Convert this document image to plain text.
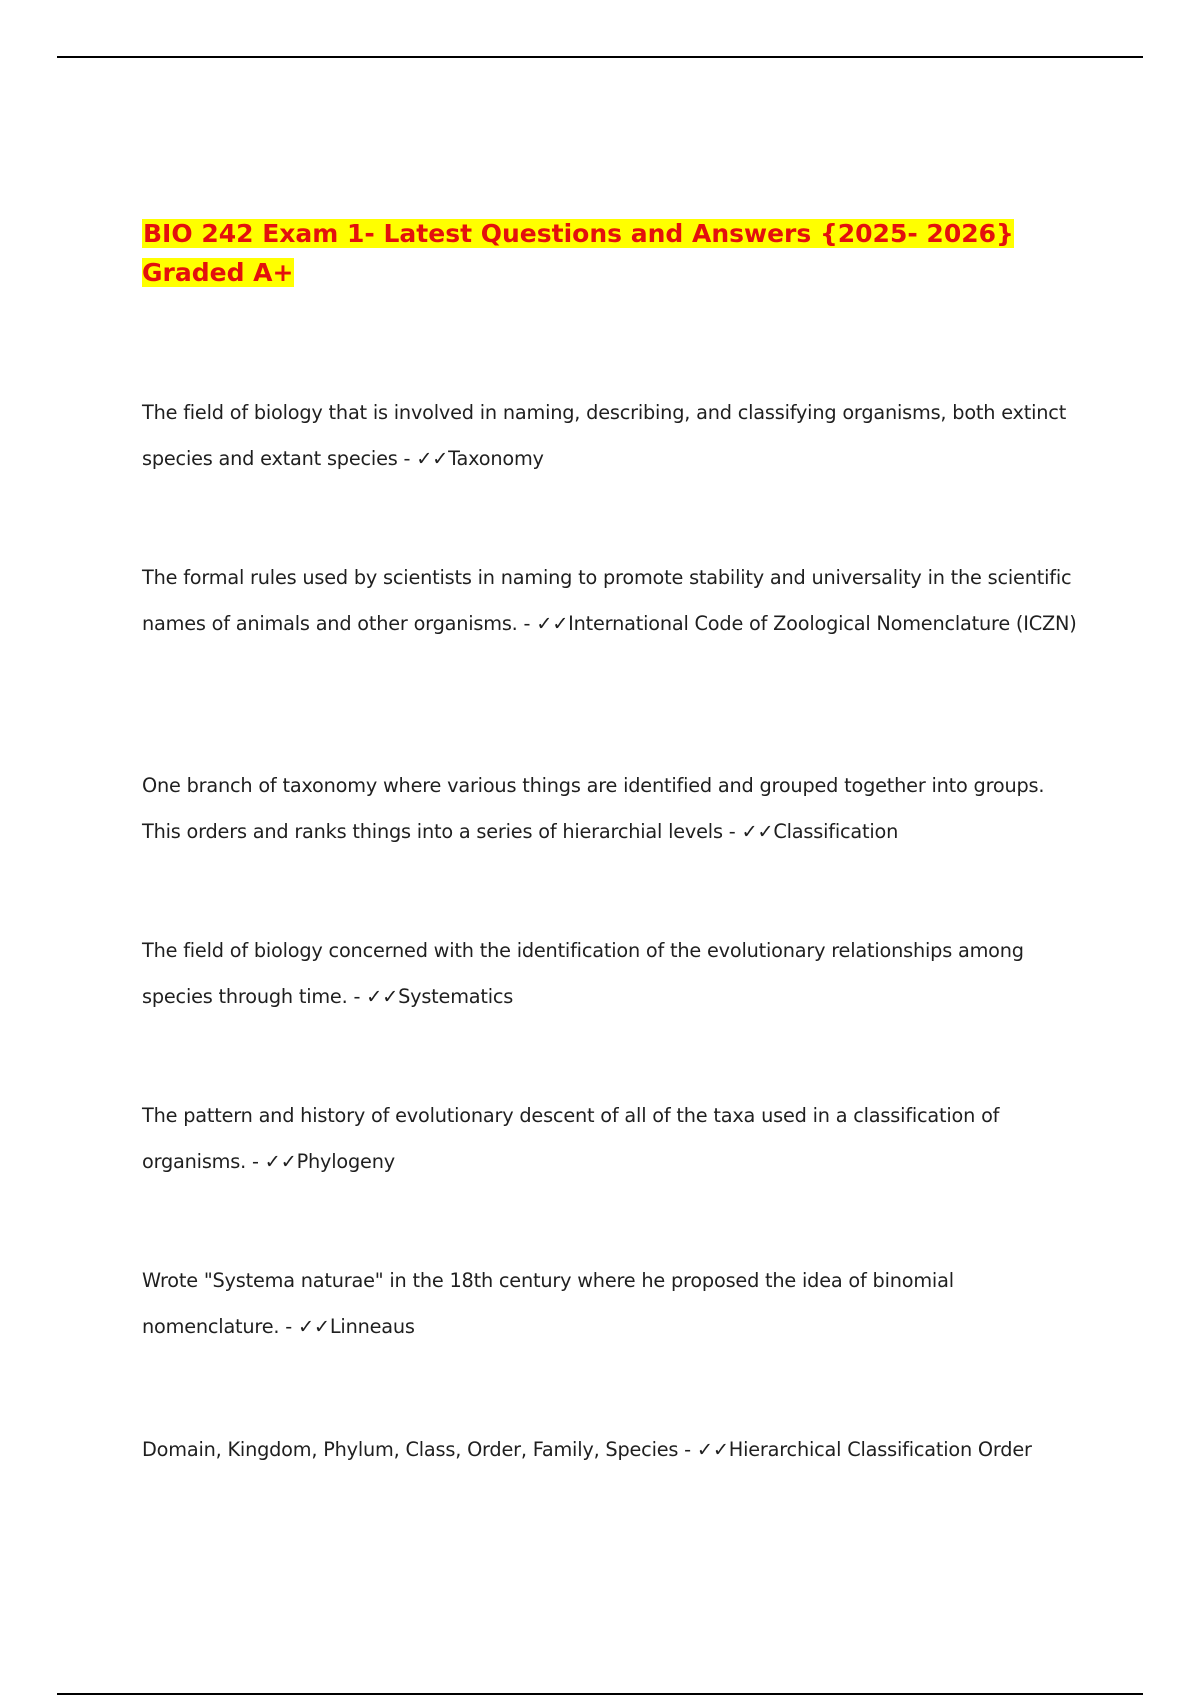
BIO 242 Exam 1- Latest Questions and Answers {2025- 2026} Graded A+

The field of biology that is involved in naming, describing, and classifying organisms, both extinct species and extant species - ✓✓Taxonomy

The formal rules used by scientists in naming to promote stability and universality in the scientific names of animals and other organisms. - ✓✓International Code of Zoological Nomenclature (ICZN)

One branch of taxonomy where various things are identified and grouped together into groups. This orders and ranks things into a series of hierarchial levels - ✓✓Classification

The field of biology concerned with the identification of the evolutionary relationships among species through time. - ✓✓Systematics

The pattern and history of evolutionary descent of all of the taxa used in a classification of organisms. - ✓✓Phylogeny

Wrote "Systema naturae" in the 18th century where he proposed the idea of binomial nomenclature. - ✓✓Linneaus

Domain, Kingdom, Phylum, Class, Order, Family, Species - ✓✓Hierarchical Classification Order
